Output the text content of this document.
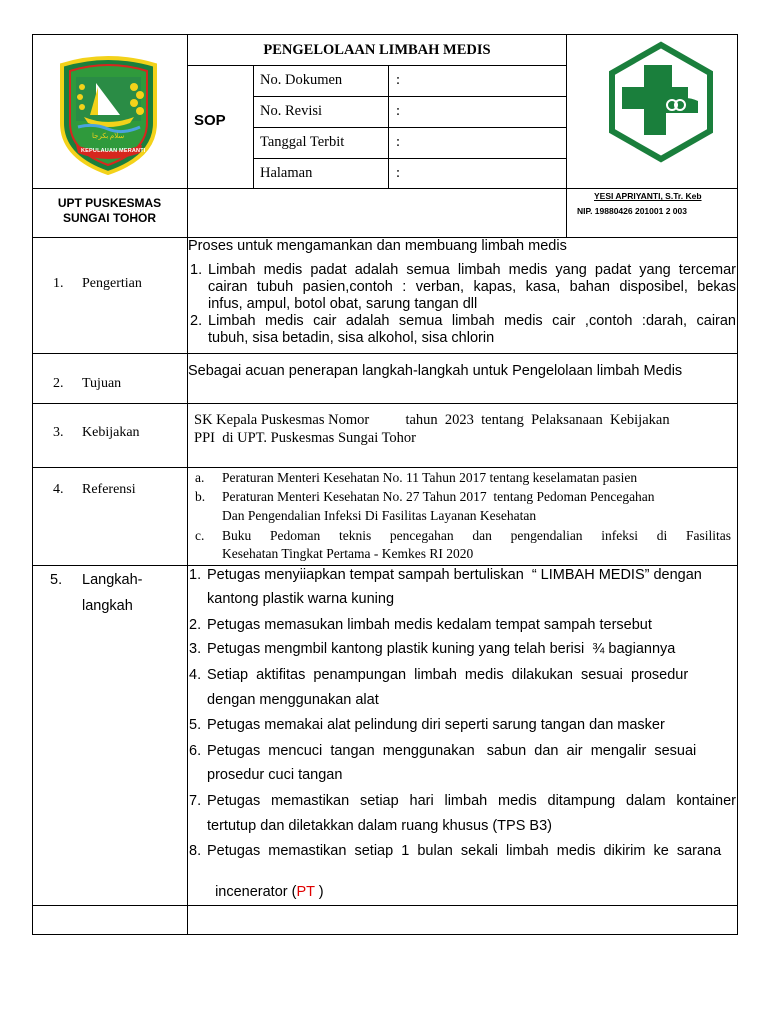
سلام بكرجا
KEPULAUAN MERANTI
PENGELOLAAN LIMBAH MEDIS
SOP
No. Dokumen
No. Revisi
Tanggal Terbit
Halaman
:
:
:
:
UPT PUSKESMAS
SUNGAI TOHOR
YESI APRIYANTI, S.Tr. Keb
NIP. 19880426 201001 2 003
1. Pengertian
Proses untuk mengamankan dan membuang limbah medis
1. Limbah medis padat adalah semua limbah medis yang padat yang tercemar
cairan tubuh pasien,contoh : verban, kapas, kasa, bahan disposibel, bekas
infus, ampul, botol obat, sarung tangan dll
2. Limbah medis cair adalah semua limbah medis cair ,contoh :darah, cairan
tubuh, sisa betadin, sisa alkohol, sisa chlorin
2. Tujuan
Sebagai acuan penerapan langkah-langkah untuk Pengelolaan limbah Medis
3. Kebijakan
SK Kepala Puskesmas Nomor          tahun  2023  tentang  Pelaksanaan  Kebijakan
PPI  di UPT. Puskesmas Sungai Tohor
4. Referensi
a. Peraturan Menteri Kesehatan No. 11 Tahun 2017 tentang keselamatan pasien
b. Peraturan Menteri Kesehatan No. 27 Tahun 2017  tentang Pedoman Pencegahan
Dan Pengendalian Infeksi Di Fasilitas Layanan Kesehatan
c. Buku Pedoman teknis pencegahan dan pengendalian infeksi di Fasilitas
Kesehatan Tingkat Pertama - Kemkes RI 2020
5. Langkah-
langkah
1. Petugas menyiiapkan tempat sampah bertuliskan  “ LIMBAH MEDIS” dengan
kantong plastik warna kuning
2. Petugas memasukan limbah medis kedalam tempat sampah tersebut
3. Petugas mengmbil kantong plastik kuning yang telah berisi  ¾ bagiannya
4. Setiap  aktifitas  penampungan  limbah  medis  dilakukan  sesuai  prosedur
dengan menggunakan alat
5. Petugas memakai alat pelindung diri seperti sarung tangan dan masker
6. Petugas  mencuci  tangan  menggunakan   sabun  dan  air  mengalir  sesuai
prosedur cuci tangan
7. Petugas memastikan setiap hari limbah medis ditampung dalam kontainer
tertutup dan diletakkan dalam ruang khusus (TPS B3)
8. Petugas  memastikan  setiap  1  bulan  sekali  limbah  medis  dikirim  ke  sarana

incenerator (PT )
